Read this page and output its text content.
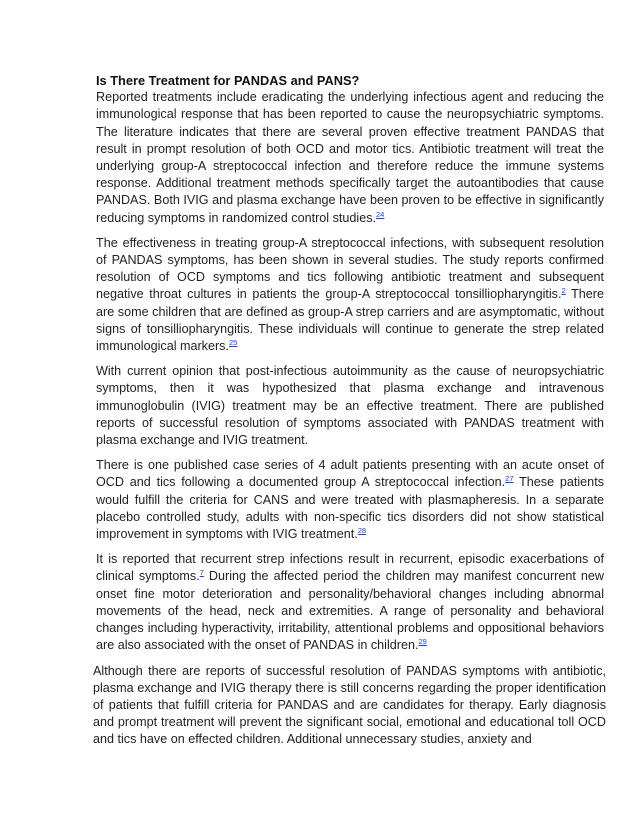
Is There Treatment for PANDAS and PANS?

Reported treatments include eradicating the underlying infectious agent and reducing the immunological response that has been reported to cause the neuropsychiatric symptoms. The literature indicates that there are several proven effective treatment PANDAS that result in prompt resolution of both OCD and motor tics. Antibiotic treatment will treat the underlying group-A streptococcal infection and therefore reduce the immune systems response. Additional treatment methods specifically target the autoantibodies that cause PANDAS. Both IVIG and plasma exchange have been proven to be effective in significantly reducing symptoms in randomized control studies.$^{24}$

The effectiveness in treating group-A streptococcal infections, with subsequent resolution of PANDAS symptoms, has been shown in several studies. The study reports confirmed resolution of OCD symptoms and tics following antibiotic treatment and subsequent negative throat cultures in patients the group-A streptococcal tonsilliopharyngitis.$^2$ There are some children that are defined as group-A strep carriers and are asymptomatic, without signs of tonsilliopharyngitis. These individuals will continue to generate the strep related immunological markers.$^{25}$

With current opinion that post-infectious autoimmunity as the cause of neuropsychiatric symptoms, then it was hypothesized that plasma exchange and intravenous immunoglobulin (IVIG) treatment may be an effective treatment. There are published reports of successful resolution of symptoms associated with PANDAS treatment with plasma exchange and IVIG treatment.

There is one published case series of 4 adult patients presenting with an acute onset of OCD and tics following a documented group A streptococcal infection.$^{27}$ These patients would fulfill the criteria for CANS and were treated with plasmapheresis. In a separate placebo controlled study, adults with non-specific tics disorders did not show statistical improvement in symptoms with IVIG treatment.$^{28}$

It is reported that recurrent strep infections result in recurrent, episodic exacerbations of clinical symptoms.$^7$ During the affected period the children may manifest concurrent new onset fine motor deterioration and personality/behavioral changes including abnormal movements of the head, neck and extremities. A range of personality and behavioral changes including hyperactivity, irritability, attentional problems and oppositional behaviors are also associated with the onset of PANDAS in children.$^{29}$

Although there are reports of successful resolution of PANDAS symptoms with antibiotic, plasma exchange and IVIG therapy there is still concerns regarding the proper identification of patients that fulfill criteria for PANDAS and are candidates for therapy. Early diagnosis and prompt treatment will prevent the significant social, emotional and educational toll OCD and tics have on effected children. Additional unnecessary studies, anxiety and
